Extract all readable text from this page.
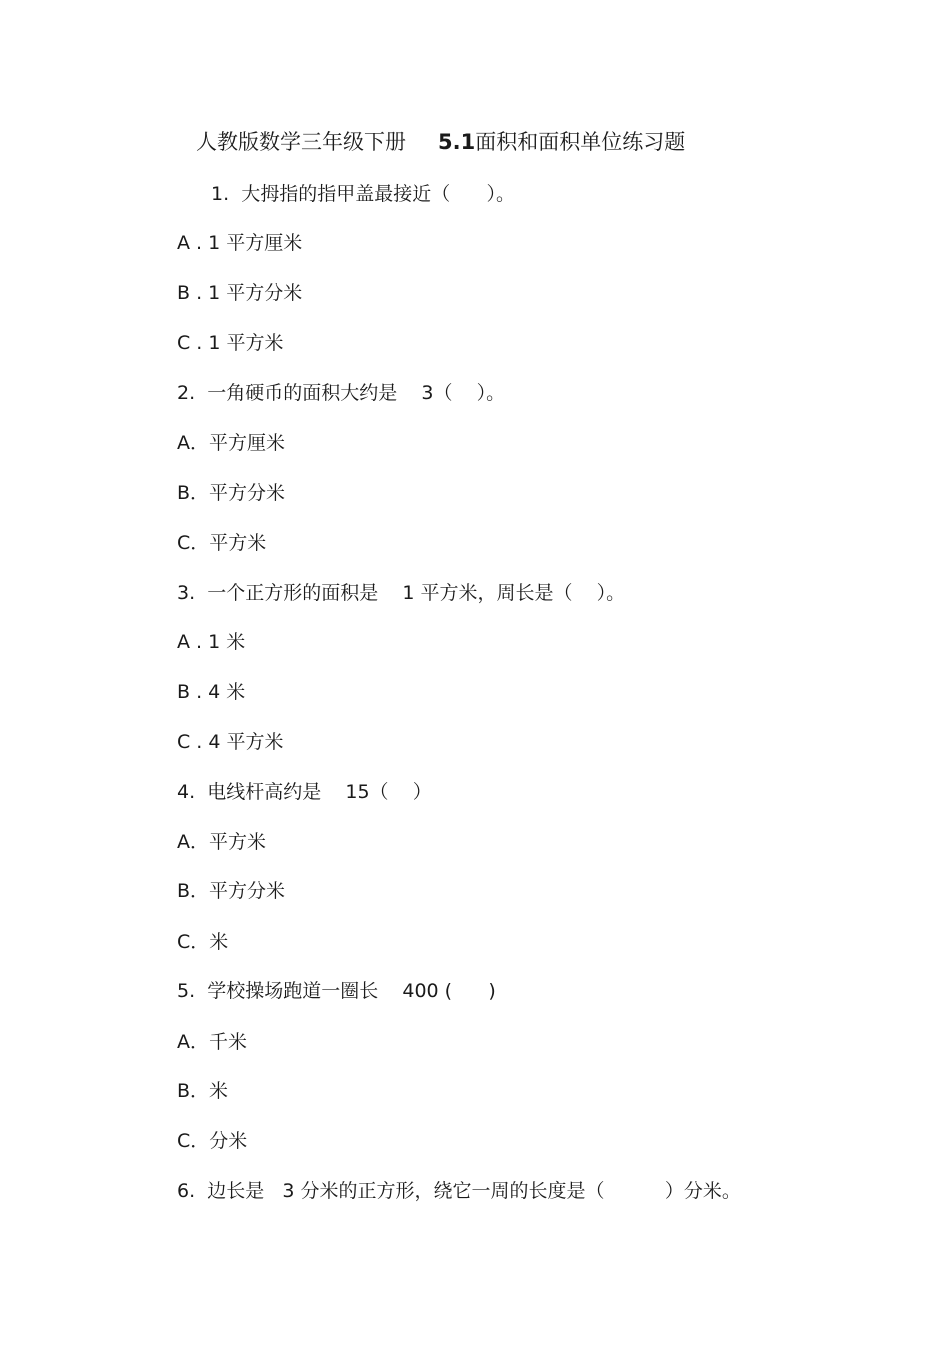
人教版数学三年级下册 5.1面积和面积单位练习题
1.  大拇指的指甲盖最接近（      ）。
A . 1 平方厘米
B . 1 平方分米
C . 1 平方米
2.  一角硬币的面积大约是    3（    ）。
A．平方厘米
B．平方分米
C．平方米
3.  一个正方形的面积是    1 平方米，周长是（    ）。
A . 1 米
B . 4 米
C . 4 平方米
4.  电线杆高约是    15（    ）
A．平方米
B．平方分米
C．米
5.  学校操场跑道一圈长    400 (      )
A．千米
B．米
C．分米
6.  边长是   3 分米的正方形，绕它一周的长度是（          ）分米。
